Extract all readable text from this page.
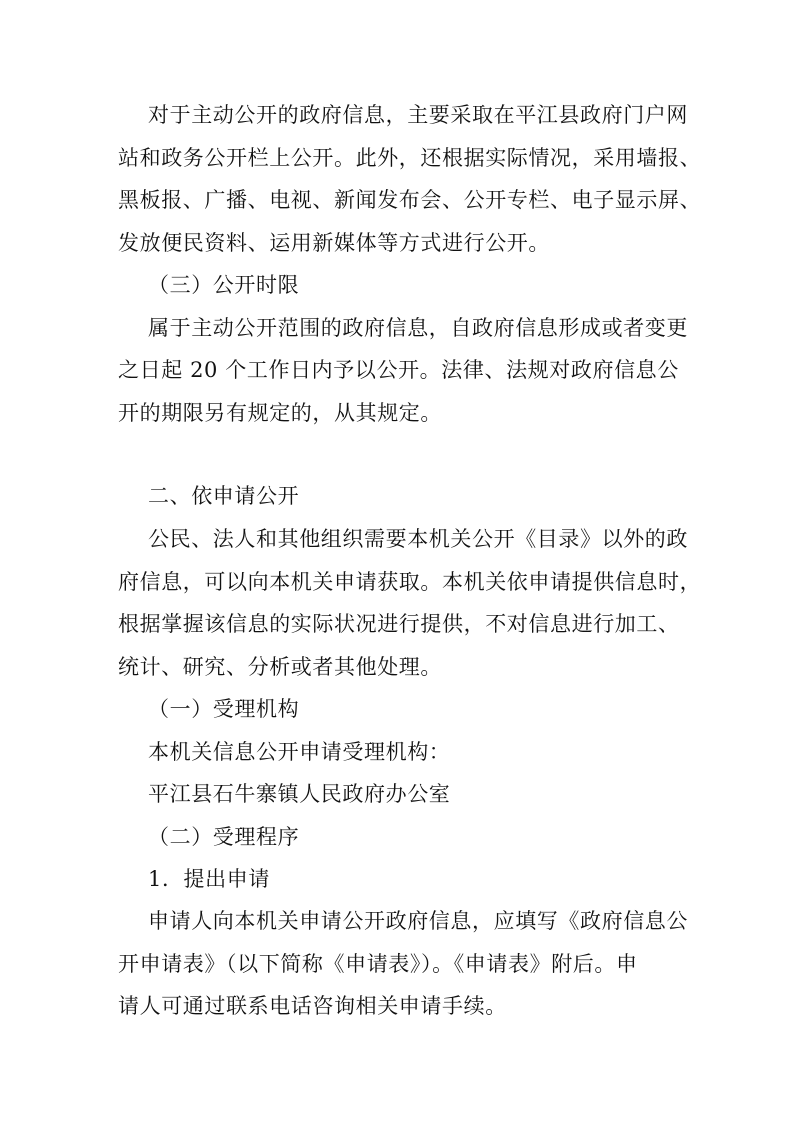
对于主动公开的政府信息，主要采取在平江县政府门户网
站和政务公开栏上公开。此外，还根据实际情况，采用墙报、
黑板报、广播、电视、新闻发布会、公开专栏、电子显示屏、
发放便民资料、运用新媒体等方式进行公开。
（三）公开时限
属于主动公开范围的政府信息，自政府信息形成或者变更
之日起 20 个工作日内予以公开。法律、法规对政府信息公
开的期限另有规定的，从其规定。
二、依申请公开
公民、法人和其他组织需要本机关公开《目录》以外的政
府信息，可以向本机关申请获取。本机关依申请提供信息时，
根据掌握该信息的实际状况进行提供，不对信息进行加工、
统计、研究、分析或者其他处理。
（一）受理机构
本机关信息公开申请受理机构：
平江县石牛寨镇人民政府办公室
（二）受理程序
1．提出申请
申请人向本机关申请公开政府信息，应填写《政府信息公
开申请表》（以下简称《申请表》）。《申请表》附后。申
请人可通过联系电话咨询相关申请手续。
